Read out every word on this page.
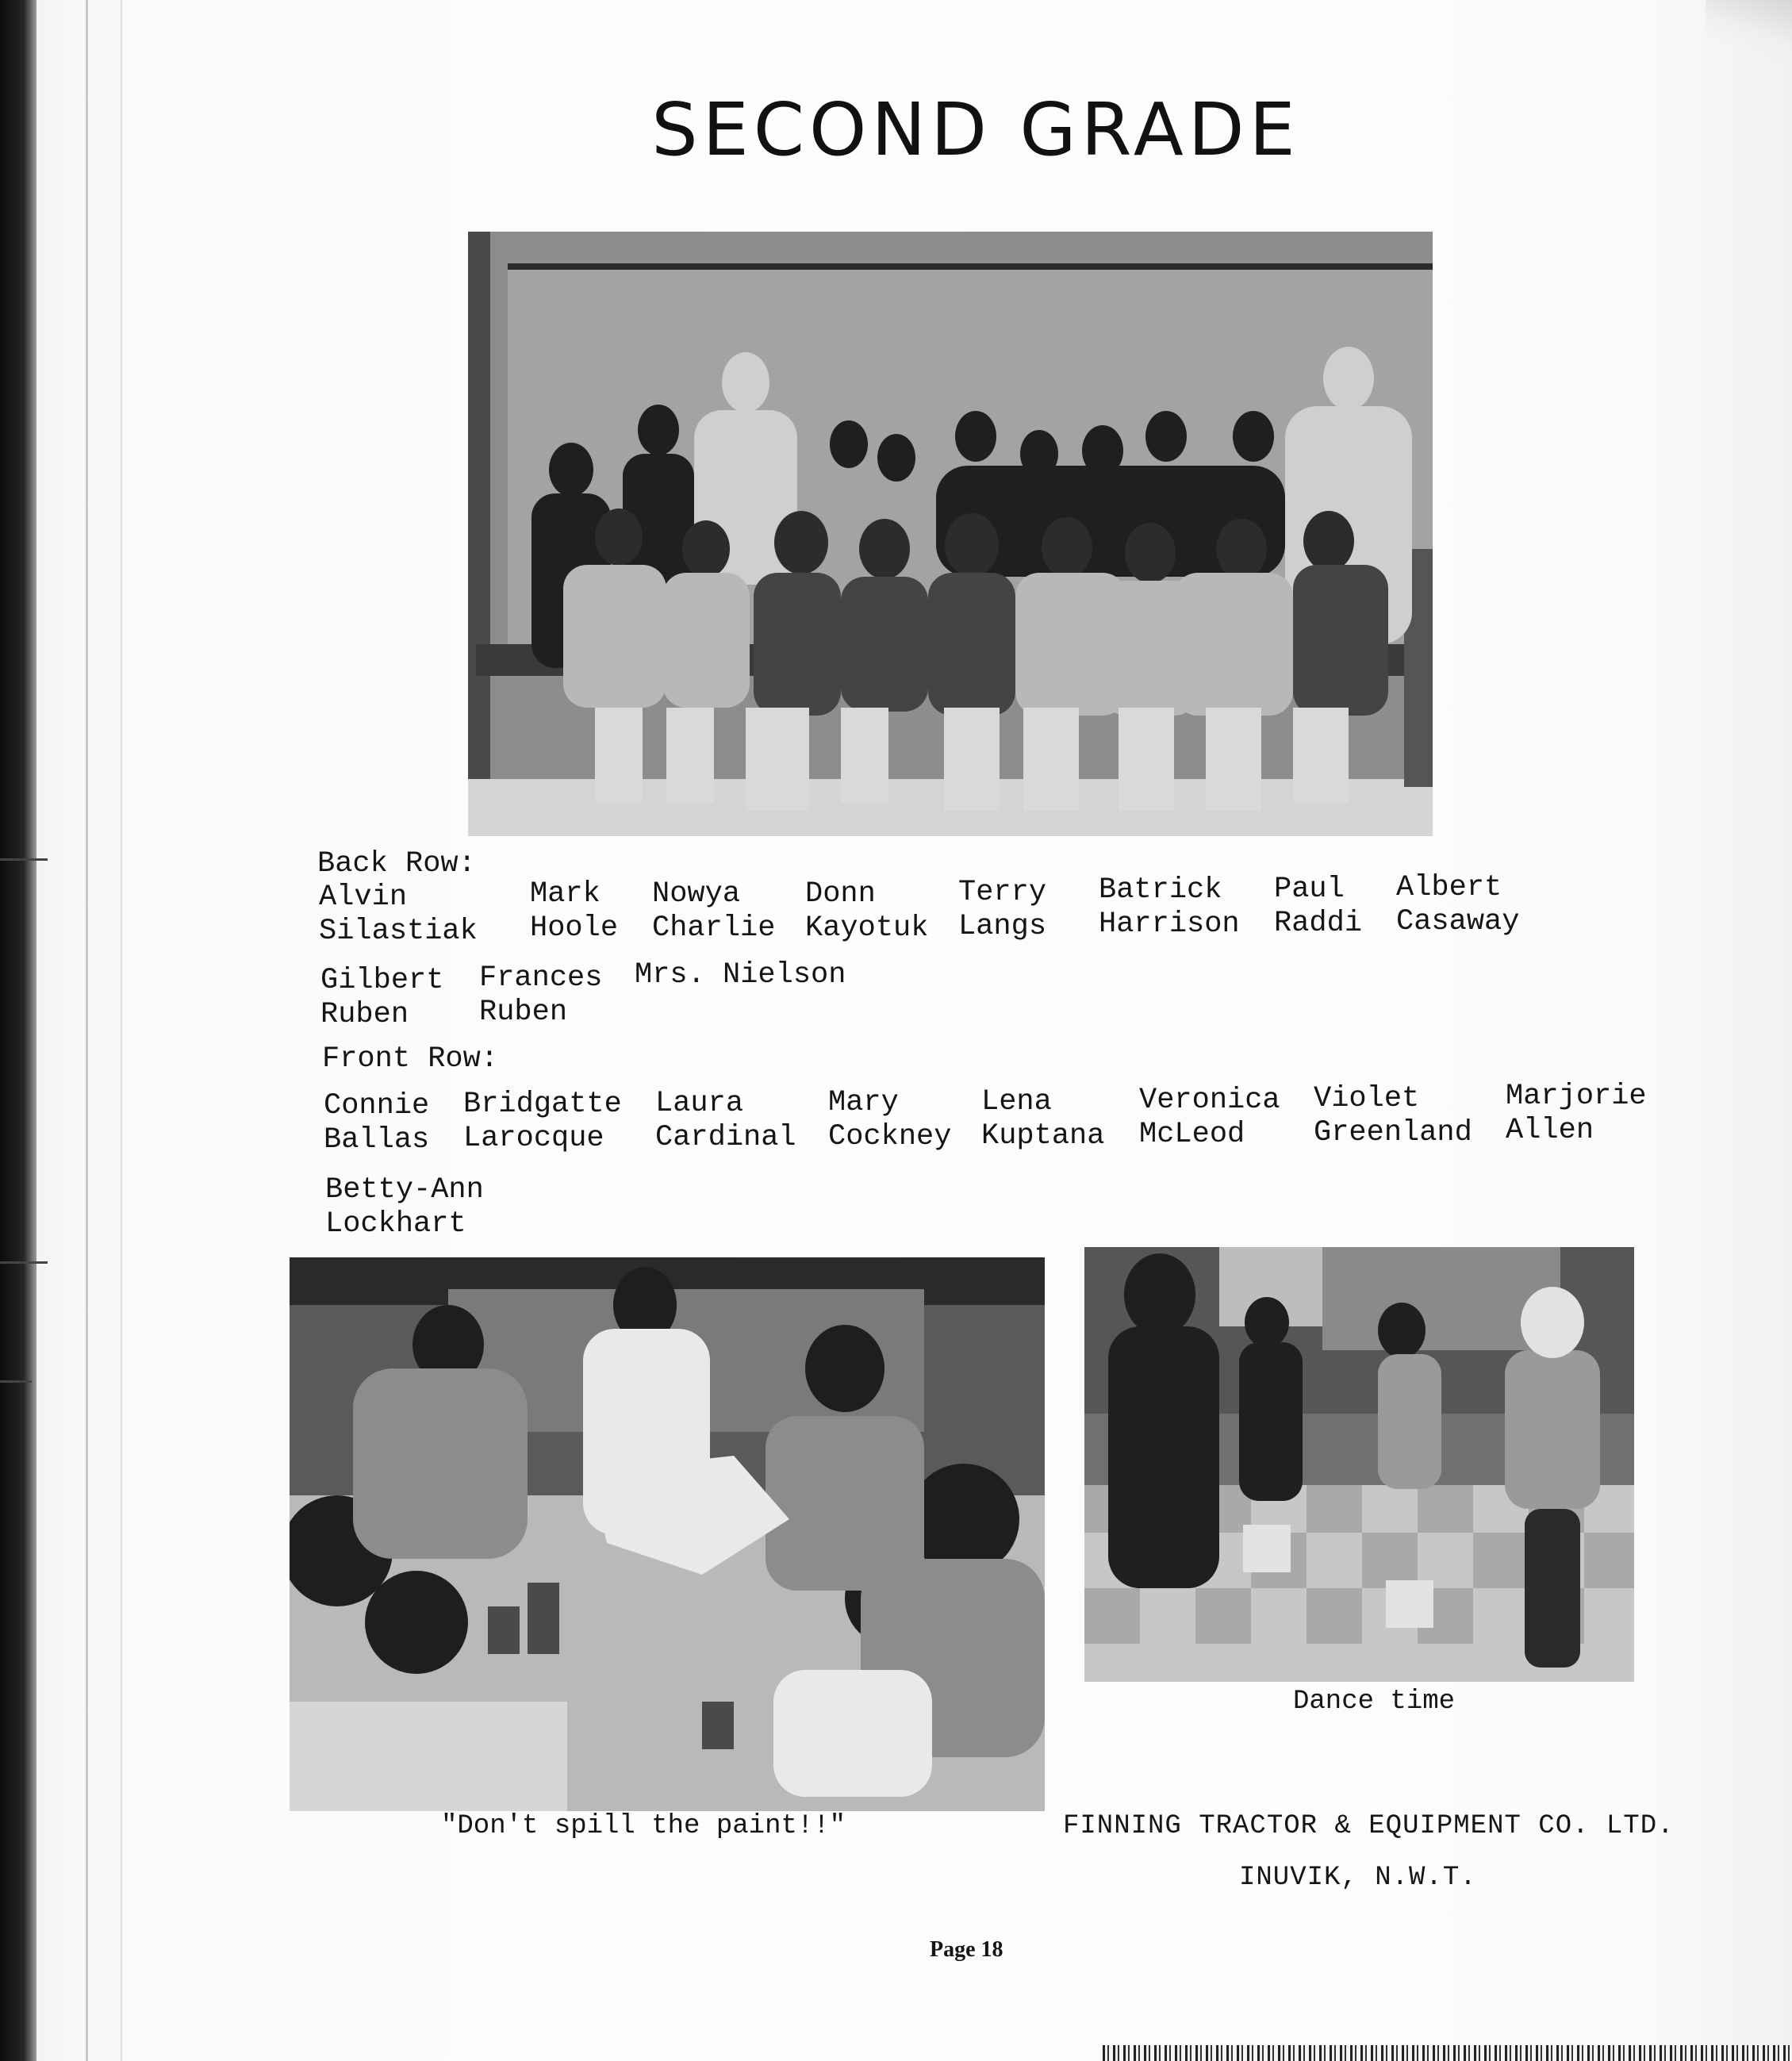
SECOND GRADE
Back Row:
Alvin
Silastiak
Mark
Hoole
Nowya
Charlie
Donn
Kayotuk
Terry
Langs
Batrick
Harrison
Paul
Raddi
Albert
Casaway
Gilbert
Ruben
Frances
Ruben
Mrs. Nielson
Front Row:
Connie
Ballas
Bridgatte
Larocque
Laura
Cardinal
Mary
Cockney
Lena
Kuptana
Veronica
McLeod
Violet
Greenland
Marjorie
Allen
Betty-Ann
Lockhart
"Don't spill the paint!!"
Dance time
FINNING TRACTOR & EQUIPMENT CO. LTD.
INUVIK, N.W.T.
Page 18
